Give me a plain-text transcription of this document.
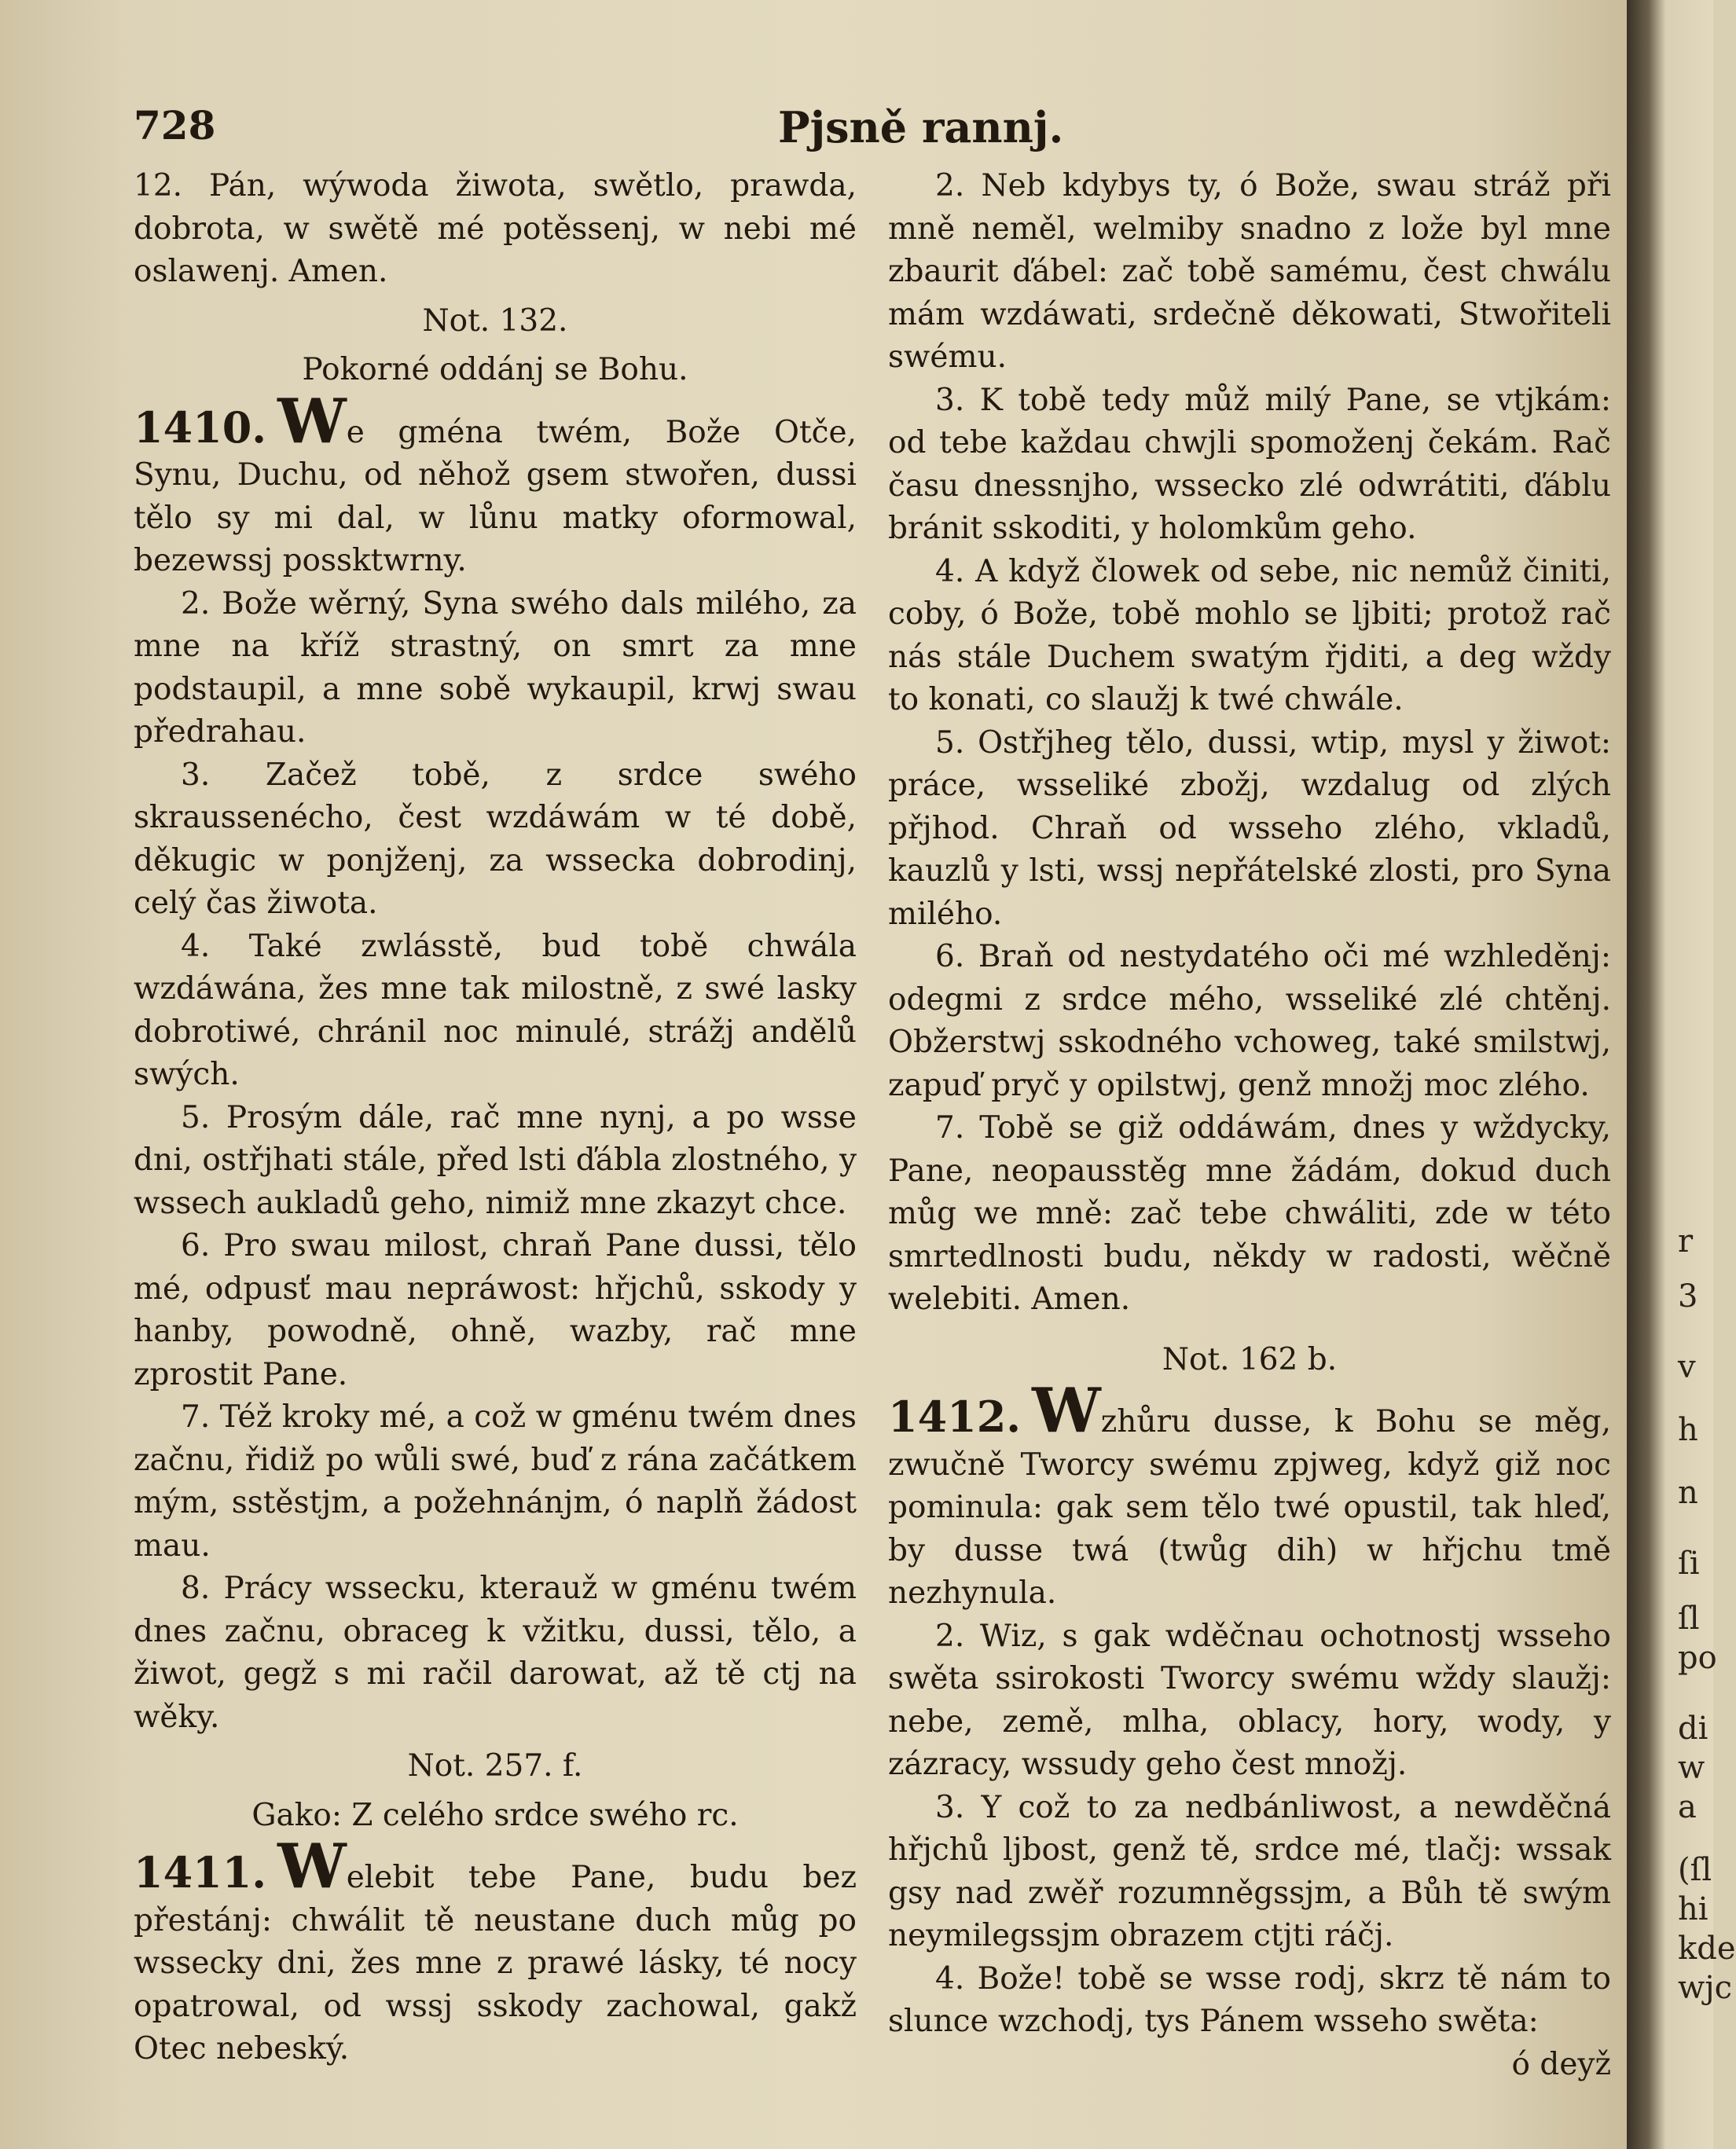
728	Pjsně rannj.

12. Pán, wýwoda žiwota, swětlo, prawda, dobrota, w swětě mé potěssenj, w nebi mé oslawenj. Amen.

Not. 132.
Pokorné oddánj se Bohu.

1410. We gména twém, Bože Otče, Synu, Duchu, od něhož gsem stwořen, dussi tělo sy mi dal, w lůnu matky oformowal, bezewssj possktwrny.

2. Bože wěrný, Syna swého dals milého, za mne na kříž strastný, on smrt za mne podstaupil, a mne sobě wykaupil, krwj swau předrahau.

3. Začež tobě, z srdce swého skraussenécho, čest wzdáwám w té době, děkugic w ponjženj, za wssecka dobrodinj, celý čas žiwota.

4. Také zwlásstě, bud tobě chwála wzdáwána, žes mne tak milostně, z swé lasky dobrotiwé, chránil noc minulé, strážj andělů swých.

5. Prosým dále, rač mne nynj, a po wsse dni, ostřjhati stále, před lsti ďábla zlostného, y wssech aukladů geho, nimiž mne zkazyt chce.

6. Pro swau milost, chraň Pane dussi, tělo mé, odpusť mau nepráwost: hřjchů, sskody y hanby, powodně, ohně, wazby, rač mne zprostit Pane.

7. Též kroky mé, a což w gménu twém dnes začnu, řidiž po wůli swé, buď z rána začátkem mým, sstěstjm, a požehnánjm, ó naplň žádost mau.

8. Prácy wssecku, kterauž w gménu twém dnes začnu, obraceg k vžitku, dussi, tělo, a žiwot, gegž s mi račil darowat, až tě ctj na wěky.

Not. 257. f.
Gako: Z celého srdce swého rc.

1411. Welebit tebe Pane, budu bez přestánj: chwálit tě neustane duch můg po wssecky dni, žes mne z prawé lásky, té nocy opatrowal, od wssj sskody zachowal, gakž Otec nebeský.

2. Neb kdybys ty, ó Bože, swau stráž při mně neměl, welmiby snadno z lože byl mne zbaurit ďábel: zač tobě samému, čest chwálu mám wzdáwati, srdečně děkowati, Stwořiteli swému.

3. K tobě tedy můž milý Pane, se vtjkám: od tebe každau chwjli spomoženj čekám. Rač času dnessnjho, wssecko zlé odwrátiti, ďáblu bránit sskoditi, y holomkům geho.

4. A když člowek od sebe, nic nemůž činiti, coby, ó Bože, tobě mohlo se ljbiti; protož rač nás stále Duchem swatým řjditi, a deg wždy to konati, co slaužj k twé chwále.

5. Ostřjheg tělo, dussi, wtip, mysl y žiwot: práce, wsseliké zbožj, wzdalug od zlých přjhod. Chraň od wsseho zlého, vkladů, kauzlů y lsti, wssj nepřátelské zlosti, pro Syna milého.

6. Braň od nestydatého oči mé wzhleděnj: odegmi z srdce mého, wsseliké zlé chtěnj. Obžerstwj sskodného vchoweg, také smilstwj, zapuď pryč y opilstwj, genž množj moc zlého.

7. Tobě se giž oddáwám, dnes y wždycky, Pane, neopausstěg mne žádám, dokud duch můg we mně: zač tebe chwáliti, zde w této smrtedlnosti budu, někdy w radosti, wěčně welebiti. Amen.

Not. 162 b.

1412. Wzhůru dusse, k Bohu se měg, zwučně Tworcy swému zpjweg, když giž noc pominula: gak sem tělo twé opustil, tak hleď, by dusse twá (twůg dih) w hřjchu tmě nezhynula.

2. Wiz, s gak wděčnau ochotnostj wsseho swěta ssirokosti Tworcy swému wždy slaužj: nebe, země, mlha, oblacy, hory, wody, y zázracy, wssudy geho čest množj.

3. Y což to za nedbánliwost, a newděčná hřjchů ljbost, genž tě, srdce mé, tlačj: wssak gsy nad zwěř rozumněgssjm, a Bůh tě swým neymilegssjm obrazem ctjti ráčj.

4. Bože! tobě se wsse rodj, skrz tě nám to slunce wzchodj, tys Pánem wsseho swěta:

ó deyž

r
3
v
h
n
ſi
ſl
po
di
w
a
(ſl
hi
kde
wjc
